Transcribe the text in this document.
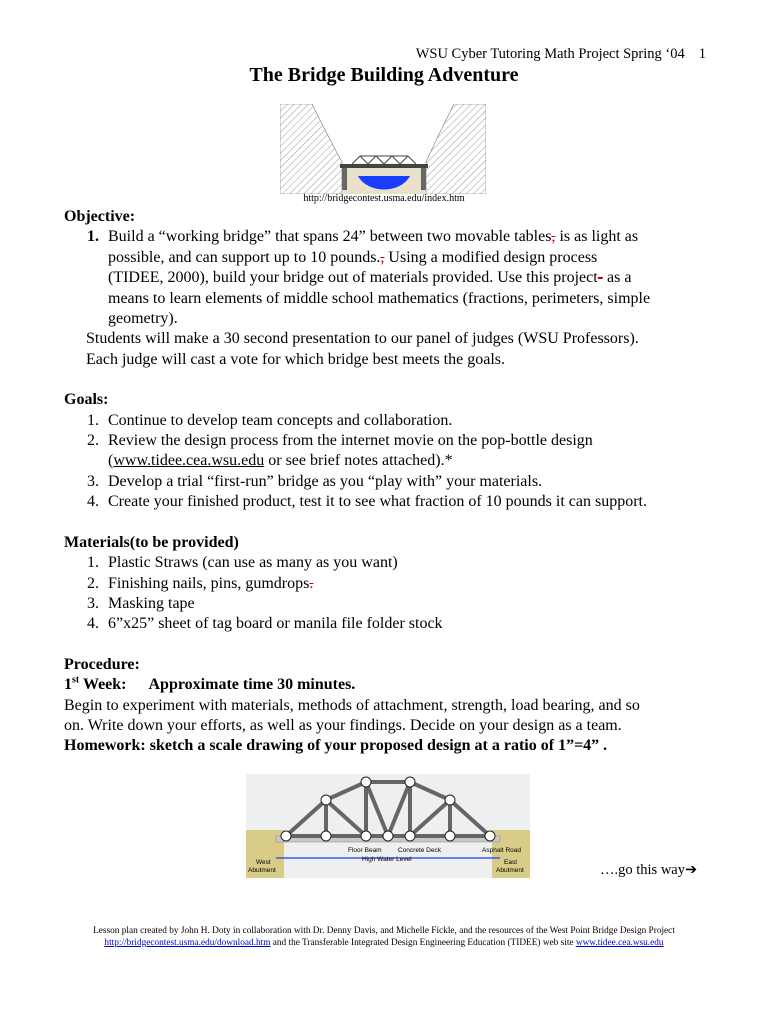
WSU Cyber Tutoring Math Project Spring ‘04 1
The Bridge Building Adventure
http://bridgecontest.usma.edu/index.htm
Objective:
1. Build a “working bridge” that spans 24” between two movable tables, is as light as
possible, and can support up to 10 pounds., Using a modified design process
(TIDEE, 2000), build your bridge out of materials provided. Use this project- as a
means to learn elements of middle school mathematics (fractions, perimeters, simple
geometry).
Students will make a 30 second presentation to our panel of judges (WSU Professors).
Each judge will cast a vote for which bridge best meets the goals.
Goals:
1. Continue to develop team concepts and collaboration.
2. Review the design process from the internet movie on the pop-bottle design
(www.tidee.cea.wsu.edu or see brief notes attached).*
3. Develop a trial “first-run” bridge as you “play with” your materials.
4. Create your finished product, test it to see what fraction of 10 pounds it can support.
Materials(to be provided)
1. Plastic Straws (can use as many as you want)
2. Finishing nails, pins, gumdrops.
3. Masking tape
4. 6”x25” sheet of tag board or manila file folder stock
Procedure:
1st Week: Approximate time 30 minutes.
Begin to experiment with materials, methods of attachment, strength, load bearing, and so
on. Write down your efforts, as well as your findings. Decide on your design as a team.
Homework: sketch a scale drawing of your proposed design at a ratio of 1”=4” .
Floor Beam	Concrete Deck	Asphalt Road
High Water Level
West
Abutment
East
Abutment	….go this way➔
Lesson plan created by John H. Doty in collaboration with Dr. Denny Davis, and Michelle Fickle, and the resources of the West Point Bridge Design Project
http://bridgecontest.usma.edu/download.htm and the Transferable Integrated Design Engineering Education (TIDEE) web site www.tidee.cea.wsu.edu
